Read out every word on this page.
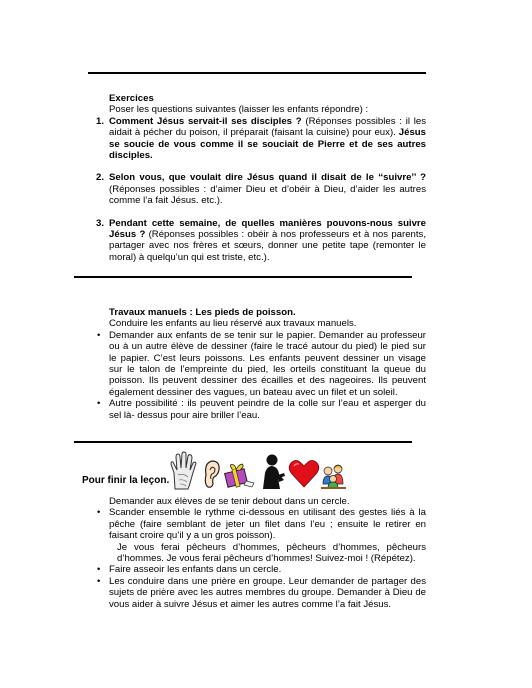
Exercices

Poser les questions suivantes (laisser les enfants répondre) :

1. Comment Jésus servait-il ses disciples ? (Réponses possibles : il les aidait à pécher du poison, il préparait (faisant la cuisine) pour eux). Jésus se soucie de vous comme il se souciait de Pierre et de ses autres disciples.
2. Selon vous, que voulait dire Jésus quand il disait de le ‘‘suivre’’ ? (Réponses possibles : d’aimer Dieu et d’obéir à Dieu, d’aider les autres comme l’a fait Jésus. etc.).
3. Pendant cette semaine, de quelles manières pouvons-nous suivre Jésus ? (Réponses possibles : obéir à nos professeurs et à nos parents, partager avec nos frères et sœurs, donner une petite tape (remonter le moral) à quelqu’un qui est triste, etc.).

Travaux manuels : Les pieds de poisson.

Conduire les enfants au lieu réservé aux travaux manuels.

• Demander aux enfants de se tenir sur le papier. Demander au professeur ou à un autre élève de dessiner (faire le tracé autour du pied) le pied sur le papier. C’est leurs poissons. Les enfants peuvent dessiner un visage sur le talon de l’empreinte du pied, les orteils constituant la queue du poisson. Ils peuvent dessiner des écailles et des nageoires. Ils peuvent également dessiner des vagues, un bateau avec un filet et un soleil.
• Autre possibilité : ils peuvent peindre de la colle sur l’eau et asperger du sel là- dessus pour aire briller l’eau.

Pour finir la leçon.

Demander aux élèves de se tenir debout dans un cercle.

• Scander ensemble le rythme ci-dessous en utilisant des gestes liés à la pêche (faire semblant de jeter un filet dans l’eu ; ensuite le retirer en faisant croire qu’il y a un gros poisson).

Je vous ferai pêcheurs d’hommes, pêcheurs d’hommes, pêcheurs d’hommes. Je vous ferai pêcheurs d’hommes! Suivez-moi ! (Répétez).

• Faire asseoir les enfants dans un cercle.
• Les conduire dans une prière en groupe. Leur demander de partager des sujets de prière avec les autres membres du groupe. Demander à Dieu de vous aider à suivre Jésus et aimer les autres comme l’a fait Jésus.
